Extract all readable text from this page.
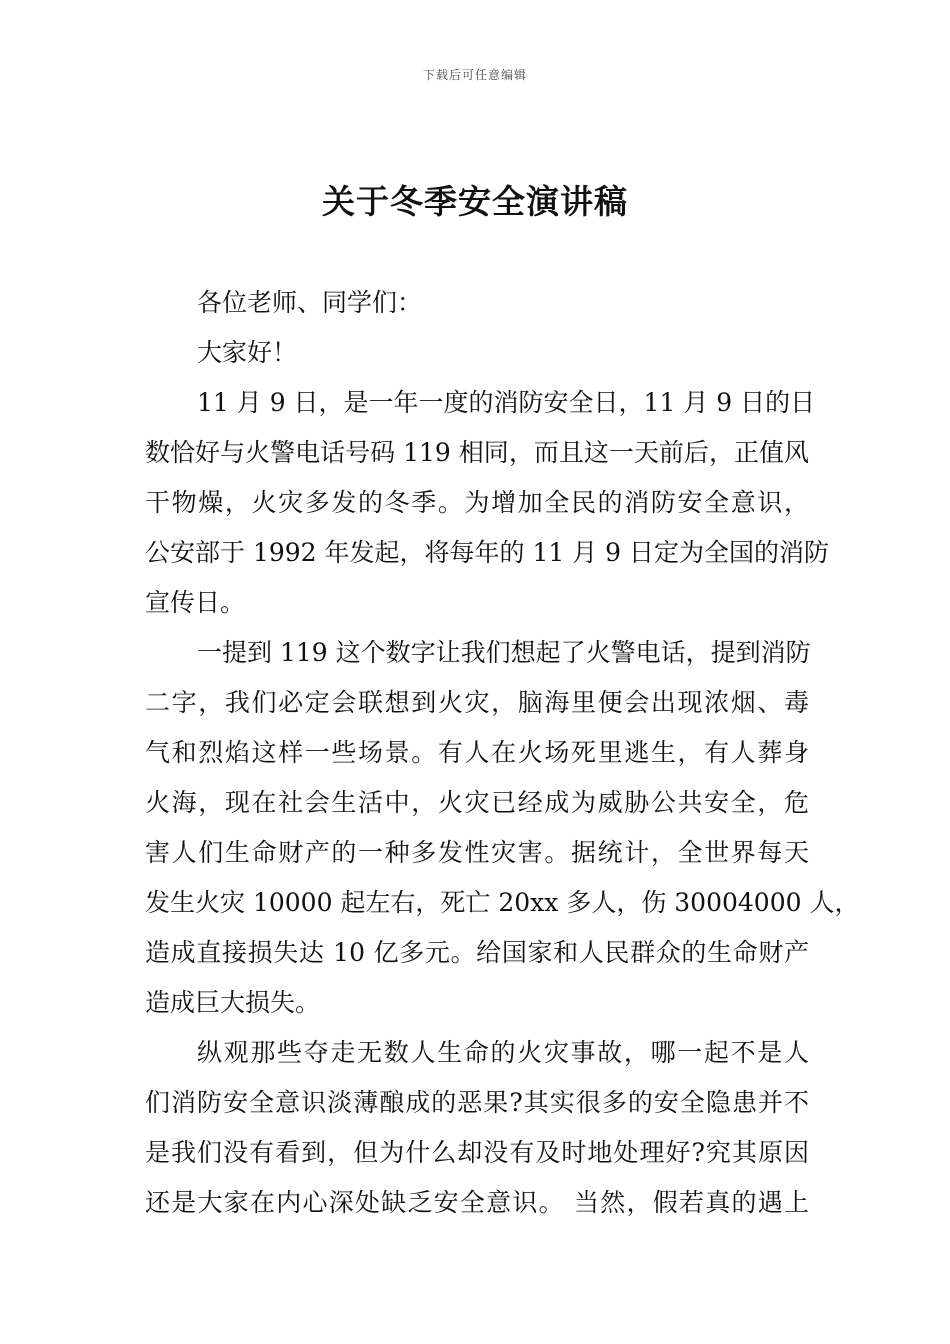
下载后可任意编辑
关于冬季安全演讲稿

各位老师、同学们：

大家好！

11 月 9 日，是一年一度的消防安全日，11 月 9 日的日
数恰好与火警电话号码 119 相同，而且这一天前后，正值风
干物燥，火灾多发的冬季。为增加全民的消防安全意识，
公安部于 1992 年发起，将每年的 11 月 9 日定为全国的消防
宣传日。

一提到 119 这个数字让我们想起了火警电话，提到消防
二字，我们必定会联想到火灾，脑海里便会出现浓烟、毒
气和烈焰这样一些场景。有人在火场死里逃生，有人葬身
火海，现在社会生活中，火灾已经成为威胁公共安全，危
害人们生命财产的一种多发性灾害。据统计，全世界每天
发生火灾 10000 起左右，死亡 20xx 多人，伤 30004000 人，
造成直接损失达 10 亿多元。给国家和人民群众的生命财产
造成巨大损失。

纵观那些夺走无数人生命的火灾事故，哪一起不是人
们消防安全意识淡薄酿成的恶果?其实很多的安全隐患并不
是我们没有看到，但为什么却没有及时地处理好?究其原因
还是大家在内心深处缺乏安全意识。 当然，假若真的遇上
